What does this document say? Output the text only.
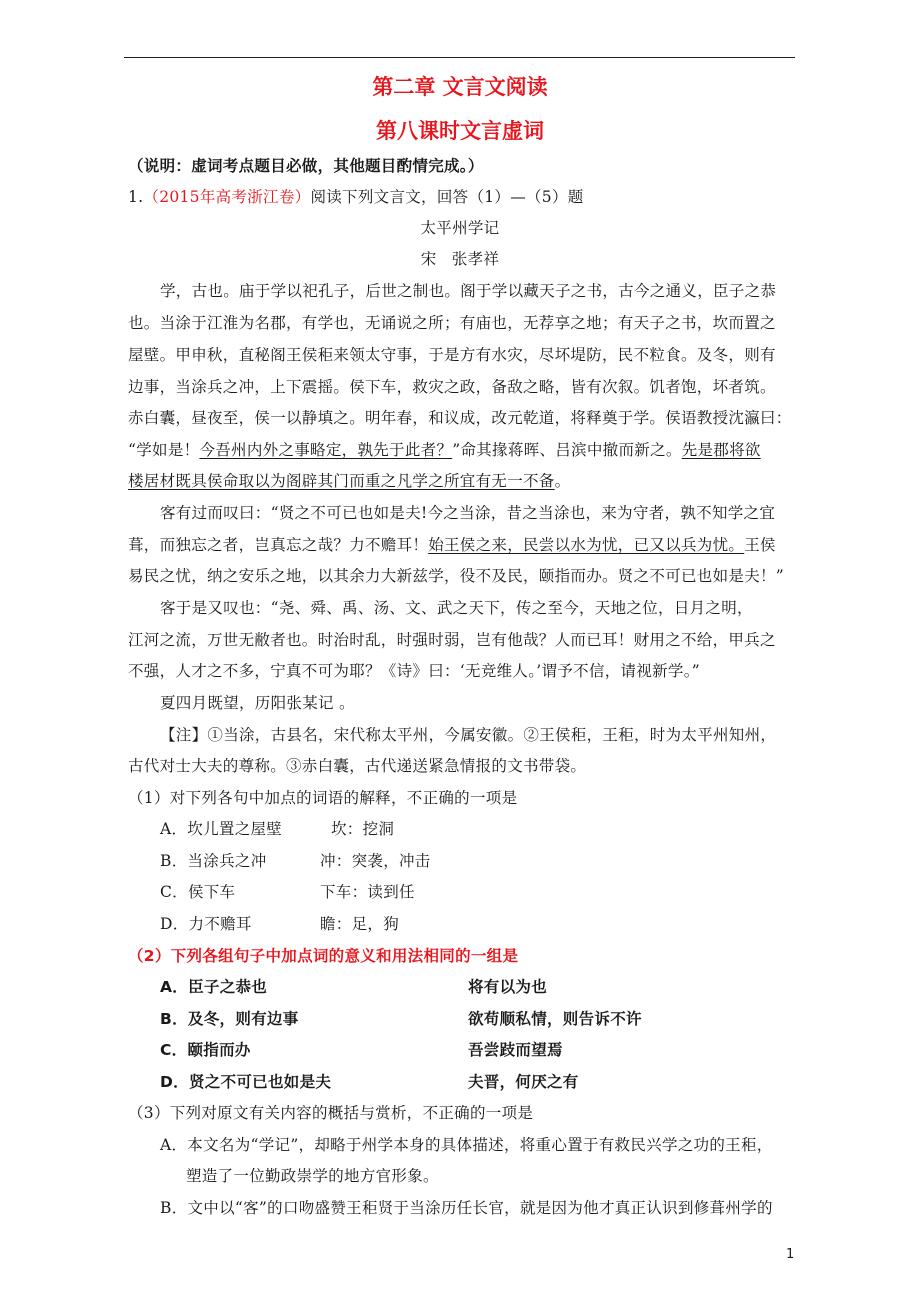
第二章 文言文阅读
第八课时文言虚词
（说明：虚词考点题目必做，其他题目酌情完成。）
1.（2015年高考浙江卷）阅读下列文言文，回答（1）—（5）题
太平州学记
宋 张孝祥
学，古也。庙于学以祀孔子，后世之制也。阁于学以藏天子之书，古今之通义，臣子之恭
也。当涂于江淮为名郡，有学也，无诵说之所；有庙也，无荐享之地；有天子之书，坎而置之
屋壁。甲申秋，直秘阁王侯秬来领太守事，于是方有水灾，尽坏堤防，民不粒食。及冬，则有
边事，当涂兵之冲，上下震摇。侯下车，救灾之政，备敌之略，皆有次叙。饥者饱，坏者筑。
赤白囊，昼夜至，侯一以静填之。明年春，和议成，改元乾道，将释奠于学。侯语教授沈瀛曰：
“学如是！今吾州内外之事略定，孰先于此者？”命其掾蒋晖、吕滨中撤而新之。先是郡将欲
楼居材既具侯命取以为阁辟其门而重之凡学之所宜有无一不备。
客有过而叹曰：“贤之不可已也如是夫!今之当涂，昔之当涂也，来为守者，孰不知学之宜
葺，而独忘之者，岂真忘之哉？力不赡耳！始王侯之来，民尝以水为忧，已又以兵为忧。王侯
易民之忧，纳之安乐之地，以其余力大新兹学，役不及民，颐指而办。贤之不可已也如是夫！”
客于是又叹也：“尧、舜、禹、汤、文、武之天下，传之至今，天地之位，日月之明，
江河之流，万世无敝者也。时治时乱，时强时弱，岂有他哉？人而已耳！财用之不给，甲兵之
不强，人才之不多，宁真不可为耶？《诗》曰：‘无竞维人。’谓予不信，请视新学。”
夏四月既望，历阳张某记 。
【注】①当涂，古县名，宋代称太平州，今属安徽。②王侯秬，王秬，时为太平州知州，
古代对士大夫的尊称。③赤白囊，古代递送紧急情报的文书带袋。
（1）对下列各句中加点的词语的解释，不正确的一项是
A．坎儿置之屋壁	坎：挖洞
B．当涂兵之冲	冲：突袭，冲击
C．侯下车	下车：读到任
D．力不赡耳	瞻：足，狗
（2）下列各组句子中加点词的意义和用法相同的一组是
A．臣子之恭也	将有以为也
B．及冬，则有边事	欲苟顺私情，则告诉不许
C．颐指而办	吾尝跂而望焉
D．贤之不可已也如是夫	夫晋，何厌之有
（3）下列对原文有关内容的概括与赏析，不正确的一项是
A．本文名为“学记”，却略于州学本身的具体描述，将重心置于有救民兴学之功的王秬，
塑造了一位勤政崇学的地方官形象。
B．文中以“客”的口吻盛赞王秬贤于当涂历任长官，就是因为他才真正认识到修葺州学的
1
